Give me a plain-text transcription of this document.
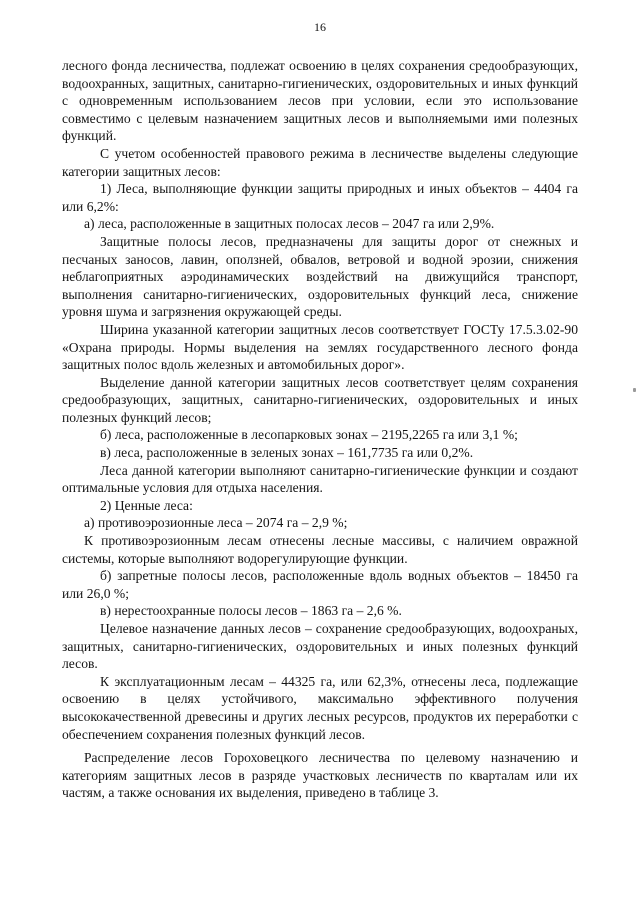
16

лесного фонда лесничества, подлежат освоению в целях сохранения средообразующих, водоохранных, защитных, санитарно-гигиенических, оздоровительных и иных функций с одновременным использованием лесов при условии, если это использование совместимо с целевым назначением защитных лесов и выполняемыми ими полезных функций.

С учетом особенностей правового режима в лесничестве выделены следующие категории защитных лесов:

1) Леса, выполняющие функции защиты природных и иных объектов – 4404 га или 6,2%:

а) леса, расположенные в защитных полосах лесов – 2047 га или 2,9%.

Защитные полосы лесов, предназначены для защиты дорог от снежных и песчаных заносов, лавин, оползней, обвалов, ветровой и водной эрозии, снижения неблагоприятных аэродинамических воздействий на движущийся транспорт, выполнения санитарно-гигиенических, оздоровительных функций леса, снижение уровня шума и загрязнения окружающей среды.

Ширина указанной категории защитных лесов соответствует ГОСТу 17.5.3.02-90 «Охрана природы. Нормы выделения на землях государственного лесного фонда защитных полос вдоль железных и автомобильных дорог».

Выделение данной категории защитных лесов соответствует целям сохранения средообразующих, защитных, санитарно-гигиенических, оздоровительных и иных полезных функций лесов;

б) леса, расположенные в лесопарковых зонах – 2195,2265 га или 3,1 %;

в) леса, расположенные в зеленых зонах – 161,7735 га или 0,2%.

Леса данной категории выполняют санитарно-гигиенические функции и создают оптимальные условия для отдыха населения.

2) Ценные леса:

а) противоэрозионные леса – 2074 га – 2,9 %;

К противоэрозионным лесам отнесены лесные массивы, с наличием овражной системы, которые выполняют водорегулирующие функции.

б) запретные полосы лесов, расположенные вдоль водных объектов – 18450 га или 26,0 %;

в) нерестоохранные полосы лесов – 1863 га – 2,6 %.

Целевое назначение данных лесов – сохранение средообразующих, водоохраных, защитных, санитарно-гигиенических, оздоровительных и иных полезных функций лесов.

К эксплуатационным лесам – 44325 га, или 62,3%, отнесены леса, подлежащие освоению в целях устойчивого, максимально эффективного получения высококачественной древесины и других лесных ресурсов, продуктов их переработки с обеспечением сохранения полезных функций лесов.

Распределение лесов Гороховецкого лесничества по целевому назначению и категориям защитных лесов в разряде участковых лесничеств по кварталам или их частям, а также основания их выделения, приведено в таблице 3.
